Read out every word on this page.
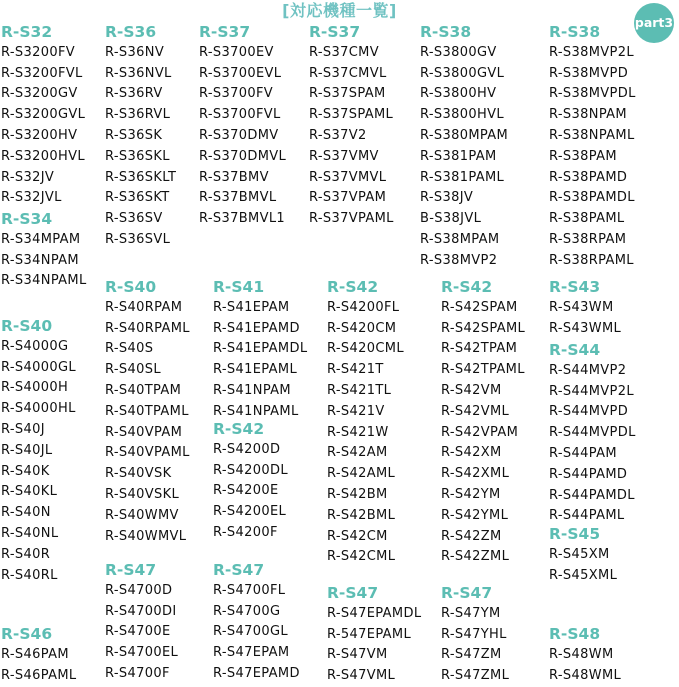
[対応機種一覧]
part3
R-S32
R-S3200FV
R-S3200FVL
R-S3200GV
R-S3200GVL
R-S3200HV
R-S3200HVL
R-S32JV
R-S32JVL
R-S34
R-S34MPAM
R-S34NPAM
R-S34NPAML
R-S36
R-S36NV
R-S36NVL
R-S36RV
R-S36RVL
R-S36SK
R-S36SKL
R-S36SKLT
R-S36SKT
R-S36SV
R-S36SVL
R-S37
R-S3700EV
R-S3700EVL
R-S3700FV
R-S3700FVL
R-S370DMV
R-S370DMVL
R-S37BMV
R-S37BMVL
R-S37BMVL1
R-S37
R-S37CMV
R-S37CMVL
R-S37SPAM
R-S37SPAML
R-S37V2
R-S37VMV
R-S37VMVL
R-S37VPAM
R-S37VPAML
R-S38
R-S3800GV
R-S3800GVL
R-S3800HV
R-S3800HVL
R-S380MPAM
R-S381PAM
R-S381PAML
R-S38JV
B-S38JVL
R-S38MPAM
R-S38MVP2
R-S38
R-S38MVP2L
R-S38MVPD
R-S38MVPDL
R-S38NPAM
R-S38NPAML
R-S38PAM
R-S38PAMD
R-S38PAMDL
R-S38PAML
R-S38RPAM
R-S38RPAML
R-S40
R-S4000G
R-S4000GL
R-S4000H
R-S4000HL
R-S40J
R-S40JL
R-S40K
R-S40KL
R-S40N
R-S40NL
R-S40R
R-S40RL
R-S40
R-S40RPAM
R-S40RPAML
R-S40S
R-S40SL
R-S40TPAM
R-S40TPAML
R-S40VPAM
R-S40VPAML
R-S40VSK
R-S40VSKL
R-S40WMV
R-S40WMVL
R-S41
R-S41EPAM
R-S41EPAMD
R-S41EPAMDL
R-S41EPAML
R-S41NPAM
R-S41NPAML
R-S42
R-S4200D
R-S4200DL
R-S4200E
R-S4200EL
R-S4200F
R-S42
R-S4200FL
R-S420CM
R-S420CML
R-S421T
R-S421TL
R-S421V
R-S421W
R-S42AM
R-S42AML
R-S42BM
R-S42BML
R-S42CM
R-S42CML
R-S42
R-S42SPAM
R-S42SPAML
R-S42TPAM
R-S42TPAML
R-S42VM
R-S42VML
R-S42VPAM
R-S42XM
R-S42XML
R-S42YM
R-S42YML
R-S42ZM
R-S42ZML
R-S43
R-S43WM
R-S43WML
R-S44
R-S44MVP2
R-S44MVP2L
R-S44MVPD
R-S44MVPDL
R-S44PAM
R-S44PAMD
R-S44PAMDL
R-S44PAML
R-S45
R-S45XM
R-S45XML
R-S46
R-S46PAM
R-S46PAML
R-S47
R-S4700D
R-S4700DI
R-S4700E
R-S4700EL
R-S4700F
R-S47
R-S4700FL
R-S4700G
R-S4700GL
R-S47EPAM
R-S47EPAMD
R-S47
R-S47EPAMDL
R-547EPAML
R-S47VM
R-S47VML
R-S47
R-S47YM
R-S47YHL
R-S47ZM
R-S47ZML
R-S48
R-S48WM
R-S48WML
